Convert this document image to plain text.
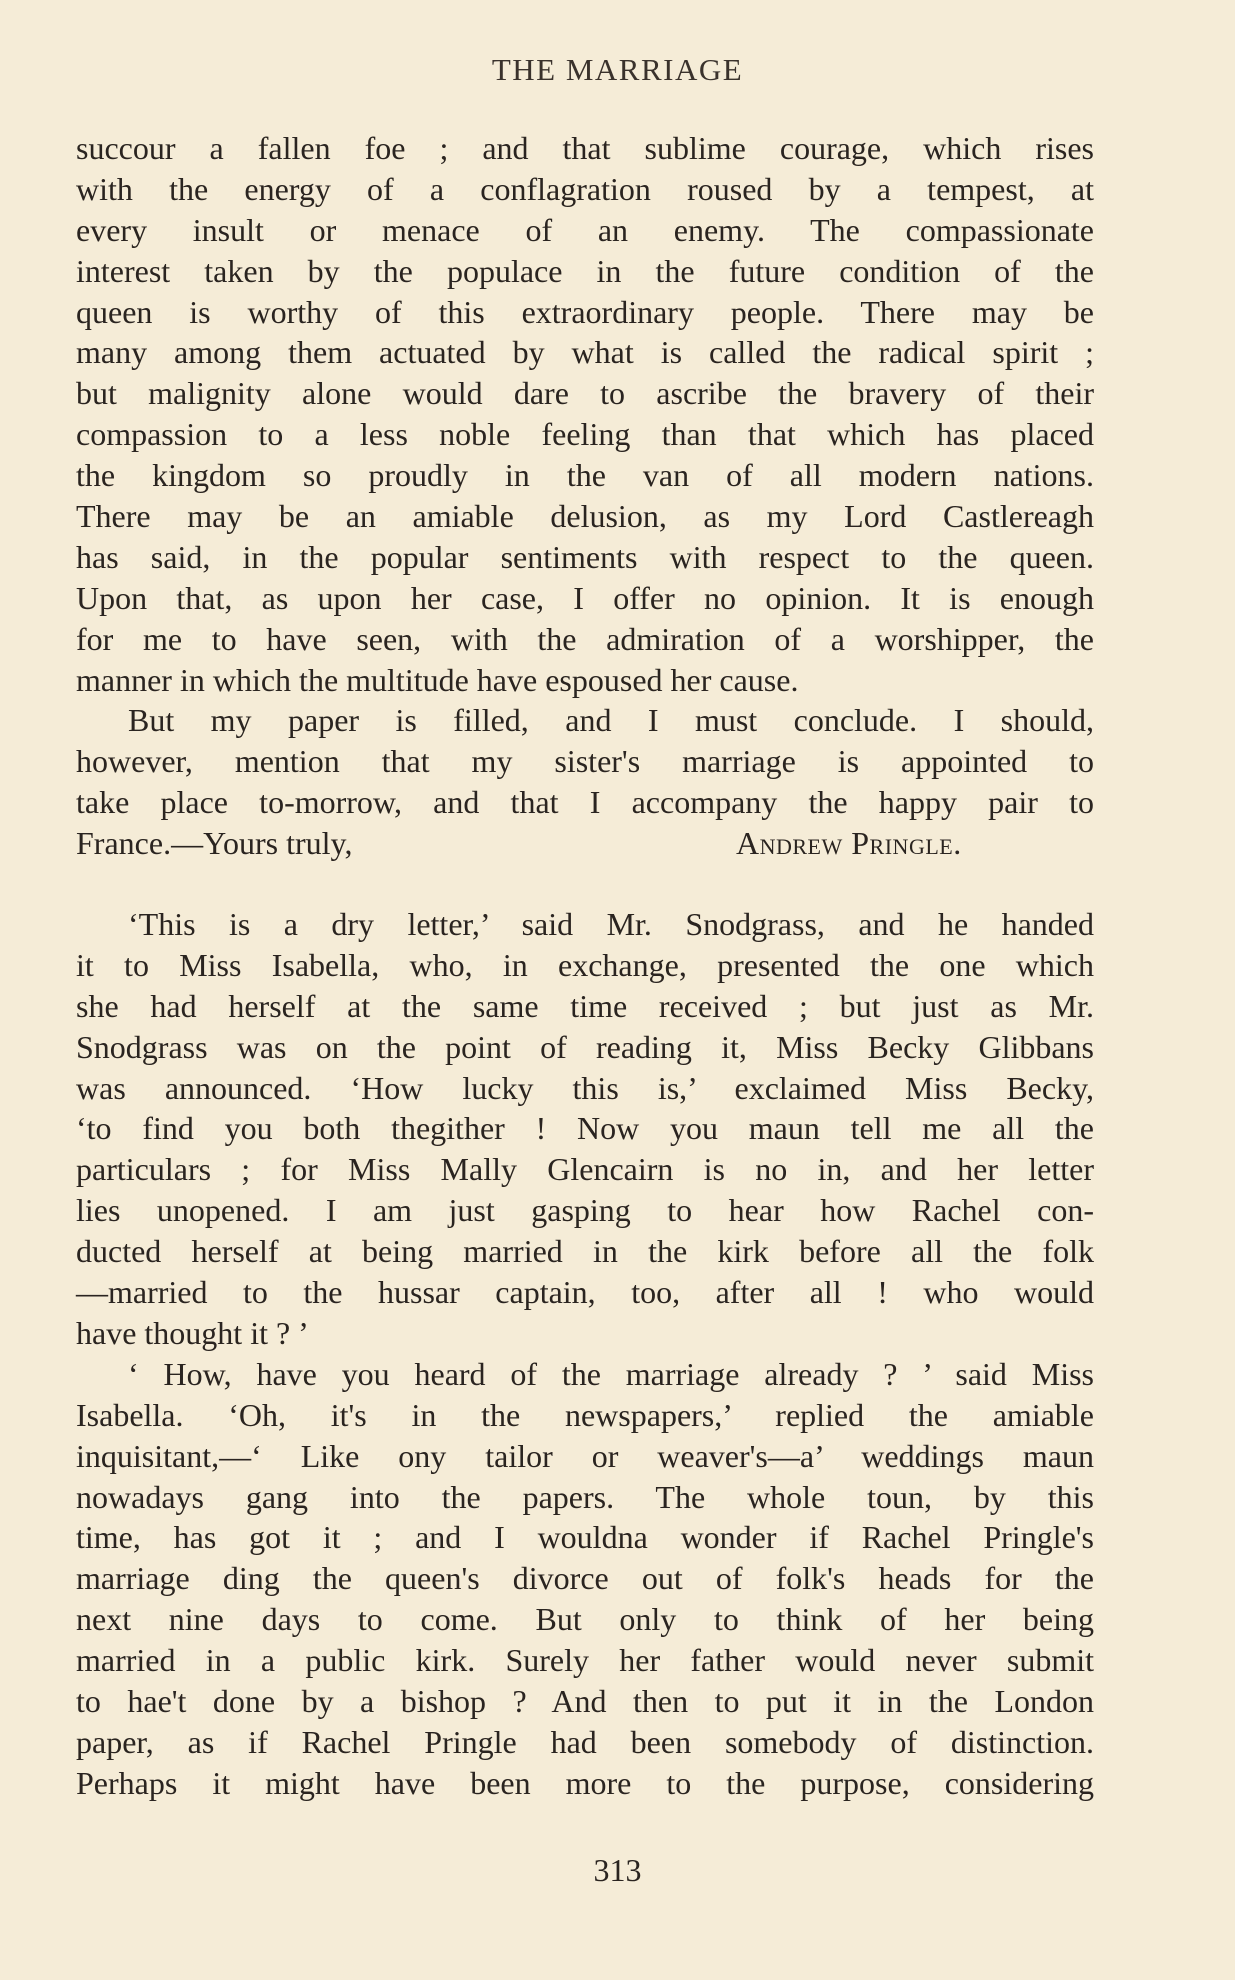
THE MARRIAGE
succour a fallen foe ; and that sublime courage, which rises
with the energy of a conflagration roused by a tempest, at
every insult or menace of an enemy. The compassionate
interest taken by the populace in the future condition of the
queen is worthy of this extraordinary people. There may be
many among them actuated by what is called the radical spirit ;
but malignity alone would dare to ascribe the bravery of their
compassion to a less noble feeling than that which has placed
the kingdom so proudly in the van of all modern nations.
There may be an amiable delusion, as my Lord Castlereagh
has said, in the popular sentiments with respect to the queen.
Upon that, as upon her case, I offer no opinion. It is enough
for me to have seen, with the admiration of a worshipper, the
manner in which the multitude have espoused her cause.
But my paper is filled, and I must conclude. I should,
however, mention that my sister's marriage is appointed to
take place to-morrow, and that I accompany the happy pair to
France.—Yours truly,	Andrew Pringle.
‘This is a dry letter,’ said Mr. Snodgrass, and he handed
it to Miss Isabella, who, in exchange, presented the one which
she had herself at the same time received ; but just as Mr.
Snodgrass was on the point of reading it, Miss Becky Glibbans
was announced. ‘How lucky this is,’ exclaimed Miss Becky,
‘to find you both thegither ! Now you maun tell me all the
particulars ; for Miss Mally Glencairn is no in, and her letter
lies unopened. I am just gasping to hear how Rachel con-
ducted herself at being married in the kirk before all the folk
—married to the hussar captain, too, after all ! who would
have thought it ? ’
‘ How, have you heard of the marriage already ? ’ said Miss
Isabella. ‘Oh, it's in the newspapers,’ replied the amiable
inquisitant,—‘ Like ony tailor or weaver's—a’ weddings maun
nowadays gang into the papers. The whole toun, by this
time, has got it ; and I wouldna wonder if Rachel Pringle's
marriage ding the queen's divorce out of folk's heads for the
next nine days to come. But only to think of her being
married in a public kirk. Surely her father would never submit
to hae't done by a bishop ? And then to put it in the London
paper, as if Rachel Pringle had been somebody of distinction.
Perhaps it might have been more to the purpose, considering
313
